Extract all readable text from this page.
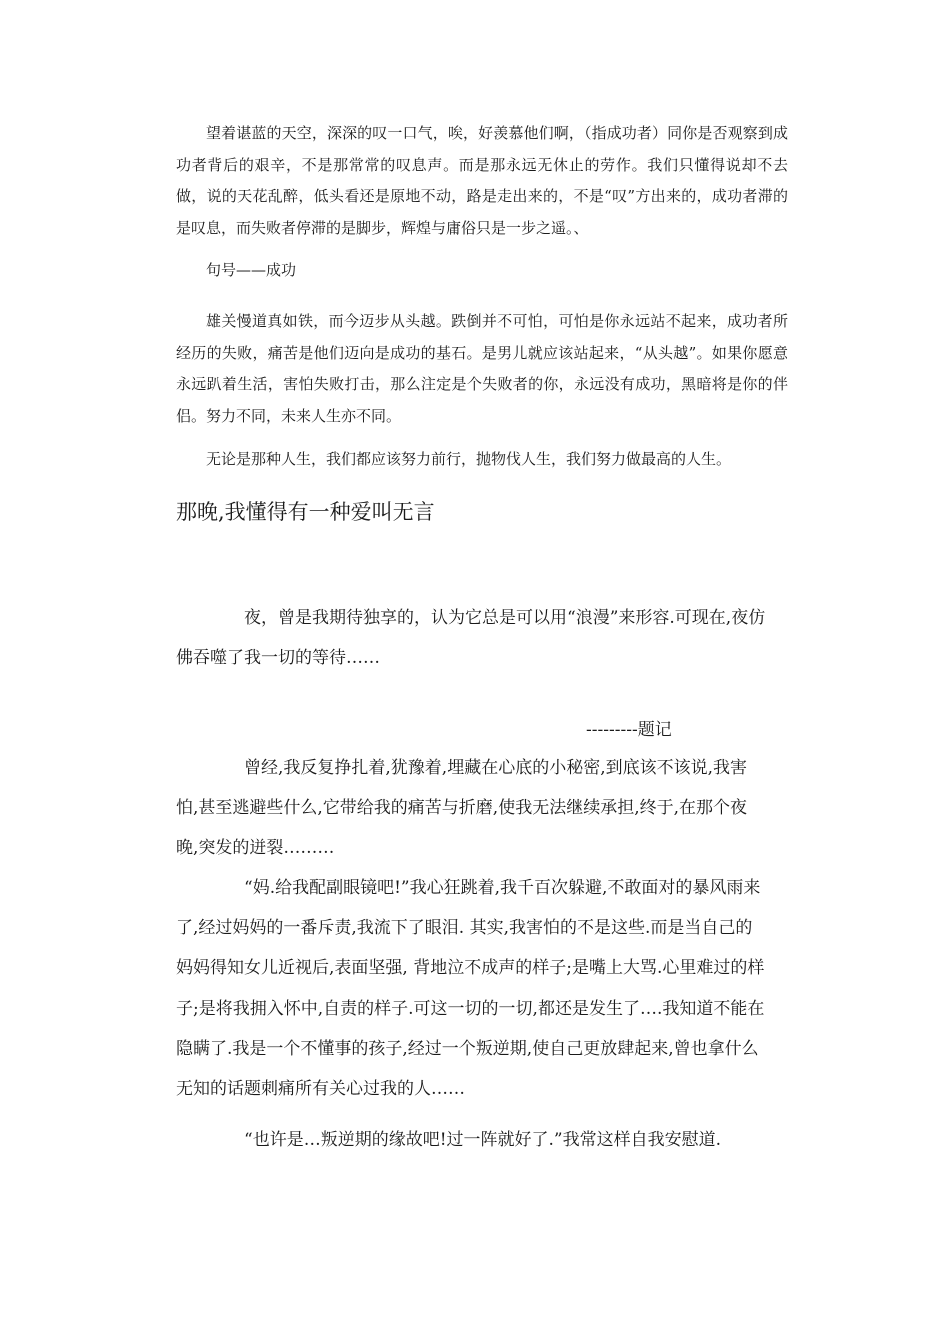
望着谌蓝的天空，深深的叹一口气，唉，好羡慕他们啊，（指成功者）同你是否观察到成功者背后的艰辛，不是那常常的叹息声。而是那永远无休止的劳作。我们只懂得说却不去做，说的天花乱醉，低头看还是原地不动，路是走出来的，不是“叹”方出来的，成功者滞的是叹息，而失败者停滞的是脚步，辉煌与庸俗只是一步之遥。、

句号——成功

雄关慢道真如铁，而今迈步从头越。跌倒并不可怕，可怕是你永远站不起来，成功者所经历的失败，痛苦是他们迈向是成功的基石。是男儿就应该站起来，“从头越”。如果你愿意永远趴着生活，害怕失败打击，那么注定是个失败者的你，永远没有成功，黑暗将是你的伴侣。努力不同，未来人生亦不同。

无论是那种人生，我们都应该努力前行，抛物伐人生，我们努力做最高的人生。

那晚,我懂得有一种爱叫无言

夜，曾是我期待独享的，认为它总是可以用“浪漫”来形容.可现在,夜仿佛吞噬了我一切的等待……

---------题记

曾经,我反复挣扎着,犹豫着,埋藏在心底的小秘密,到底该不该说,我害怕,甚至逃避些什么,它带给我的痛苦与折磨,使我无法继续承担,终于,在那个夜晚,突发的迸裂………

“妈.给我配副眼镜吧!”我心狂跳着,我千百次躲避,不敢面对的暴风雨来了,经过妈妈的一番斥责,我流下了眼泪. 其实,我害怕的不是这些.而是当自己的妈妈得知女儿近视后,表面坚强, 背地泣不成声的样子;是嘴上大骂.心里难过的样子;是将我拥入怀中,自责的样子.可这一切的一切,都还是发生了….我知道不能在隐瞒了.我是一个不懂事的孩子,经过一个叛逆期,使自己更放肆起来,曾也拿什么无知的话题刺痛所有关心过我的人……

“也许是…叛逆期的缘故吧!过一阵就好了.”我常这样自我安慰道.
